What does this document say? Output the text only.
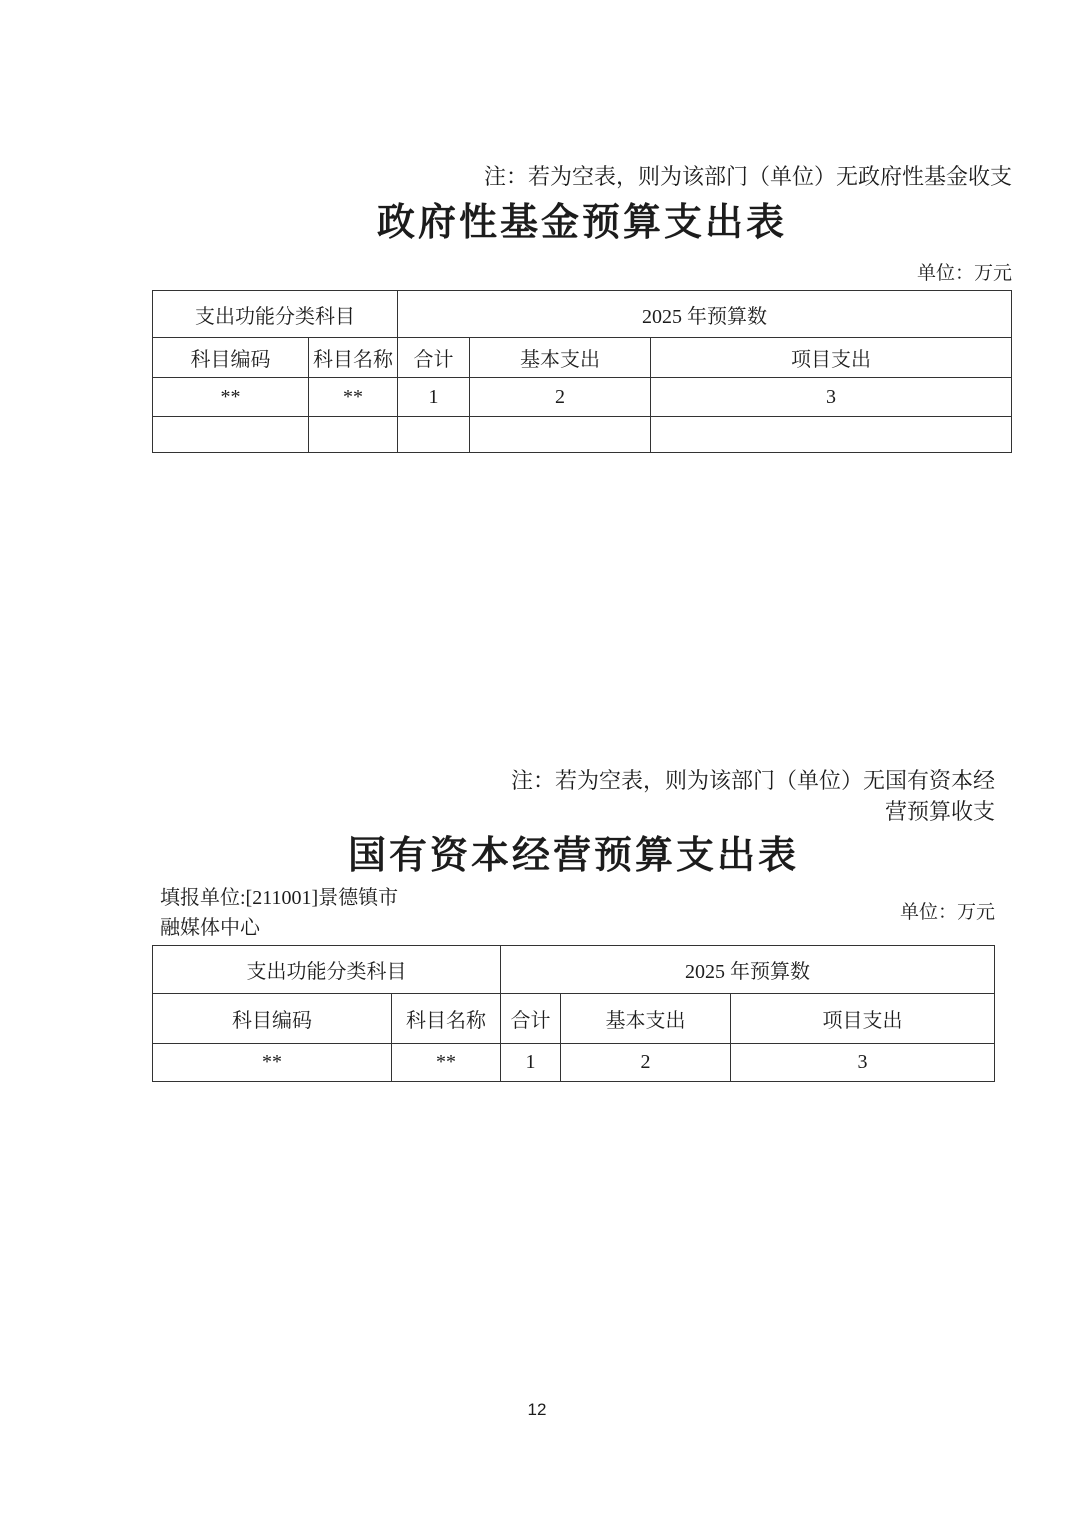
注：若为空表，则为该部门（单位）无政府性基金收支
政府性基金预算支出表
单位：万元
支出功能分类科目		2025 年预算数		
科目编码	科目名称	合计	基本支出	项目支出
**	**	1	2	3

注：若为空表，则为该部门（单位）无国有资本经
营预算收支
国有资本经营预算支出表
填报单位:[211001]景德镇市
融媒体中心
单位：万元
支出功能分类科目		2025 年预算数		
科目编码	科目名称	合计	基本支出	项目支出
**	**	1	2	3
12
